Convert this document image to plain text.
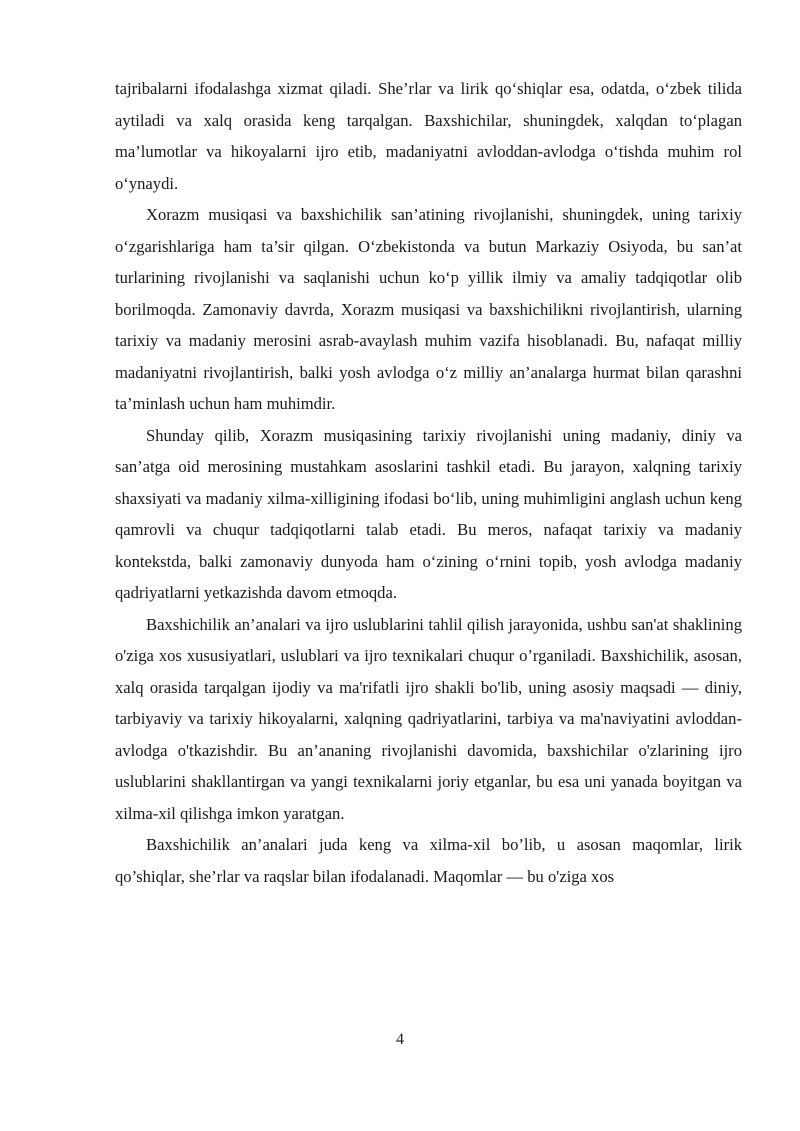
tajribalarni ifodalashga xizmat qiladi. She’rlar va lirik qo‘shiqlar esa, odatda, o‘zbek tilida aytiladi va xalq orasida keng tarqalgan. Baxshichilar, shuningdek, xalqdan to‘plagan ma’lumotlar va hikoyalarni ijro etib, madaniyatni avloddan-avlodga o‘tishda muhim rol o‘ynaydi.

Xorazm musiqasi va baxshichilik san’atining rivojlanishi, shuningdek, uning tarixiy o‘zgarishlariga ham ta’sir qilgan. O‘zbekistonda va butun Markaziy Osiyoda, bu san’at turlarining rivojlanishi va saqlanishi uchun ko‘p yillik ilmiy va amaliy tadqiqotlar olib borilmoqda. Zamonaviy davrda, Xorazm musiqasi va baxshichilikni rivojlantirish, ularning tarixiy va madaniy merosini asrab-avaylash muhim vazifa hisoblanadi. Bu, nafaqat milliy madaniyatni rivojlantirish, balki yosh avlodga o‘z milliy an’analarga hurmat bilan qarashni ta’minlash uchun ham muhimdir.

Shunday qilib, Xorazm musiqasining tarixiy rivojlanishi uning madaniy, diniy va san’atga oid merosining mustahkam asoslarini tashkil etadi. Bu jarayon, xalqning tarixiy shaxsiyati va madaniy xilma-xilligining ifodasi bo‘lib, uning muhimligini anglash uchun keng qamrovli va chuqur tadqiqotlarni talab etadi. Bu meros, nafaqat tarixiy va madaniy kontekstda, balki zamonaviy dunyoda ham o‘zining o‘rnini topib, yosh avlodga madaniy qadriyatlarni yetkazishda davom etmoqda.

Baxshichilik an’analari va ijro uslublarini tahlil qilish jarayonida, ushbu san'at shaklining o'ziga xos xususiyatlari, uslublari va ijro texnikalari chuqur o’rganiladi. Baxshichilik, asosan, xalq orasida tarqalgan ijodiy va ma'rifatli ijro shakli bo'lib, uning asosiy maqsadi — diniy, tarbiyaviy va tarixiy hikoyalarni, xalqning qadriyatlarini, tarbiya va ma'naviyatini avloddan-avlodga o'tkazishdir. Bu an’ananing rivojlanishi davomida, baxshichilar o'zlarining ijro uslublarini shakllantirgan va yangi texnikalarni joriy etganlar, bu esa uni yanada boyitgan va xilma-xil qilishga imkon yaratgan.

Baxshichilik an’analari juda keng va xilma-xil bo’lib, u asosan maqomlar, lirik qo’shiqlar, she’rlar va raqslar bilan ifodalanadi. Maqomlar — bu o'ziga xos

4
